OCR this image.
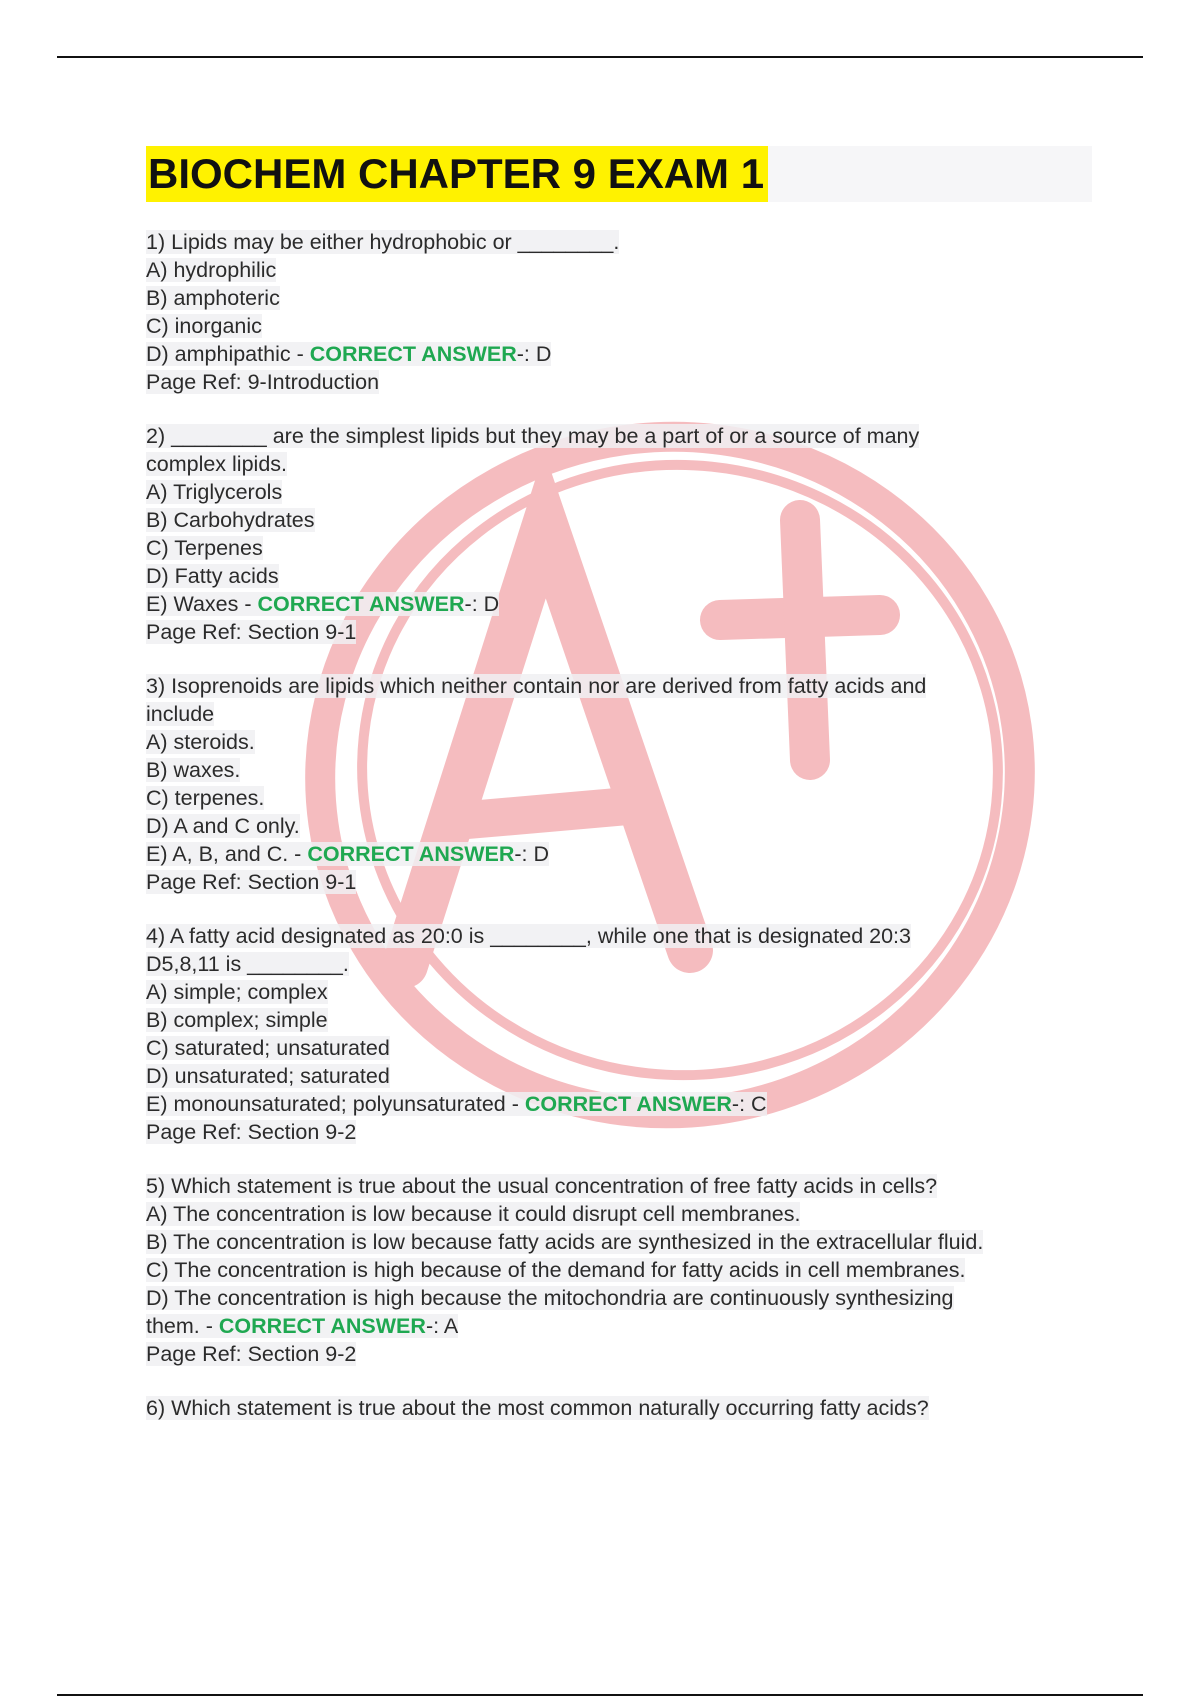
BIOCHEM CHAPTER 9 EXAM 1
1) Lipids may be either hydrophobic or ________.
A) hydrophilic
B) amphoteric
C) inorganic
D) amphipathic - CORRECT ANSWER-: D
Page Ref: 9-Introduction
2) ________ are the simplest lipids but they may be a part of or a source of many
complex lipids.
A) Triglycerols
B) Carbohydrates
C) Terpenes
D) Fatty acids
E) Waxes - CORRECT ANSWER-: D
Page Ref: Section 9-1
3) Isoprenoids are lipids which neither contain nor are derived from fatty acids and
include
A) steroids.
B) waxes.
C) terpenes.
D) A and C only.
E) A, B, and C. - CORRECT ANSWER-: D
Page Ref: Section 9-1
4) A fatty acid designated as 20:0 is ________, while one that is designated 20:3
D5,8,11 is ________.
A) simple; complex
B) complex; simple
C) saturated; unsaturated
D) unsaturated; saturated
E) monounsaturated; polyunsaturated - CORRECT ANSWER-: C
Page Ref: Section 9-2
5) Which statement is true about the usual concentration of free fatty acids in cells?
A) The concentration is low because it could disrupt cell membranes.
B) The concentration is low because fatty acids are synthesized in the extracellular fluid.
C) The concentration is high because of the demand for fatty acids in cell membranes.
D) The concentration is high because the mitochondria are continuously synthesizing
them. - CORRECT ANSWER-: A
Page Ref: Section 9-2
6) Which statement is true about the most common naturally occurring fatty acids?
